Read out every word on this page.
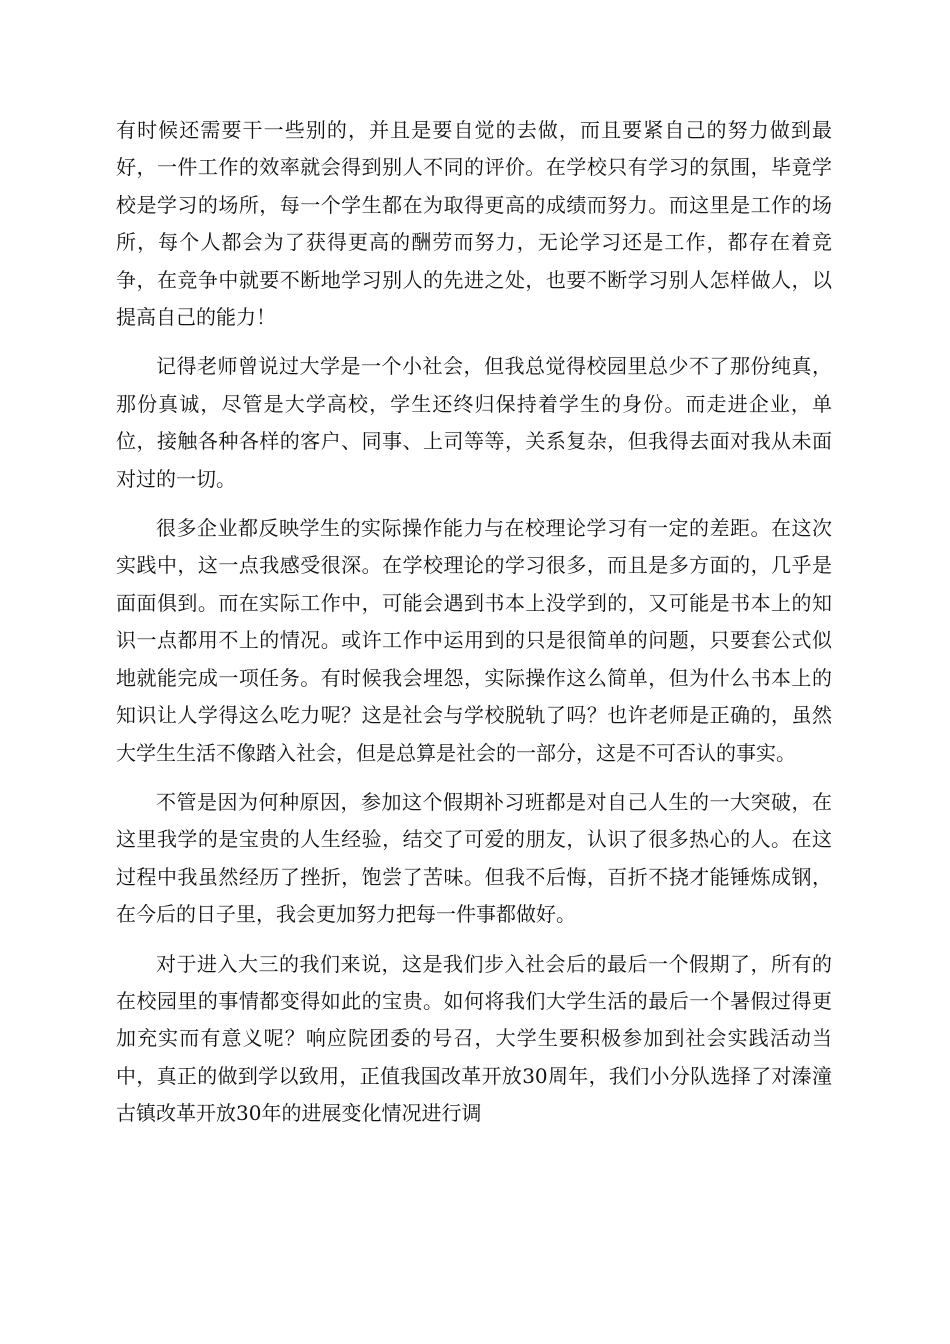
有时候还需要干一些别的，并且是要自觉的去做，而且要紧自己的努力做到最好，一件工作的效率就会得到别人不同的评价。在学校只有学习的氛围，毕竟学校是学习的场所，每一个学生都在为取得更高的成绩而努力。而这里是工作的场所，每个人都会为了获得更高的酬劳而努力，无论学习还是工作，都存在着竞争，在竞争中就要不断地学习别人的先进之处，也要不断学习别人怎样做人，以提高自己的能力！

记得老师曾说过大学是一个小社会，但我总觉得校园里总少不了那份纯真，那份真诚，尽管是大学高校，学生还终归保持着学生的身份。而走进企业，单位，接触各种各样的客户、同事、上司等等，关系复杂，但我得去面对我从未面对过的一切。

很多企业都反映学生的实际操作能力与在校理论学习有一定的差距。在这次实践中，这一点我感受很深。在学校理论的学习很多，而且是多方面的，几乎是面面俱到。而在实际工作中，可能会遇到书本上没学到的，又可能是书本上的知识一点都用不上的情况。或许工作中运用到的只是很简单的问题，只要套公式似地就能完成一项任务。有时候我会埋怨，实际操作这么简单，但为什么书本上的知识让人学得这么吃力呢？这是社会与学校脱轨了吗？也许老师是正确的，虽然大学生生活不像踏入社会，但是总算是社会的一部分，这是不可否认的事实。

不管是因为何种原因，参加这个假期补习班都是对自己人生的一大突破，在这里我学的是宝贵的人生经验，结交了可爱的朋友，认识了很多热心的人。在这过程中我虽然经历了挫折，饱尝了苦味。但我不后悔，百折不挠才能锤炼成钢，在今后的日子里，我会更加努力把每一件事都做好。

对于进入大三的我们来说，这是我们步入社会后的最后一个假期了，所有的在校园里的事情都变得如此的宝贵。如何将我们大学生活的最后一个暑假过得更加充实而有意义呢？响应院团委的号召，大学生要积极参加到社会实践活动当中，真正的做到学以致用，正值我国改革开放30周年，我们小分队选择了对溱潼古镇改革开放30年的进展变化情况进行调
